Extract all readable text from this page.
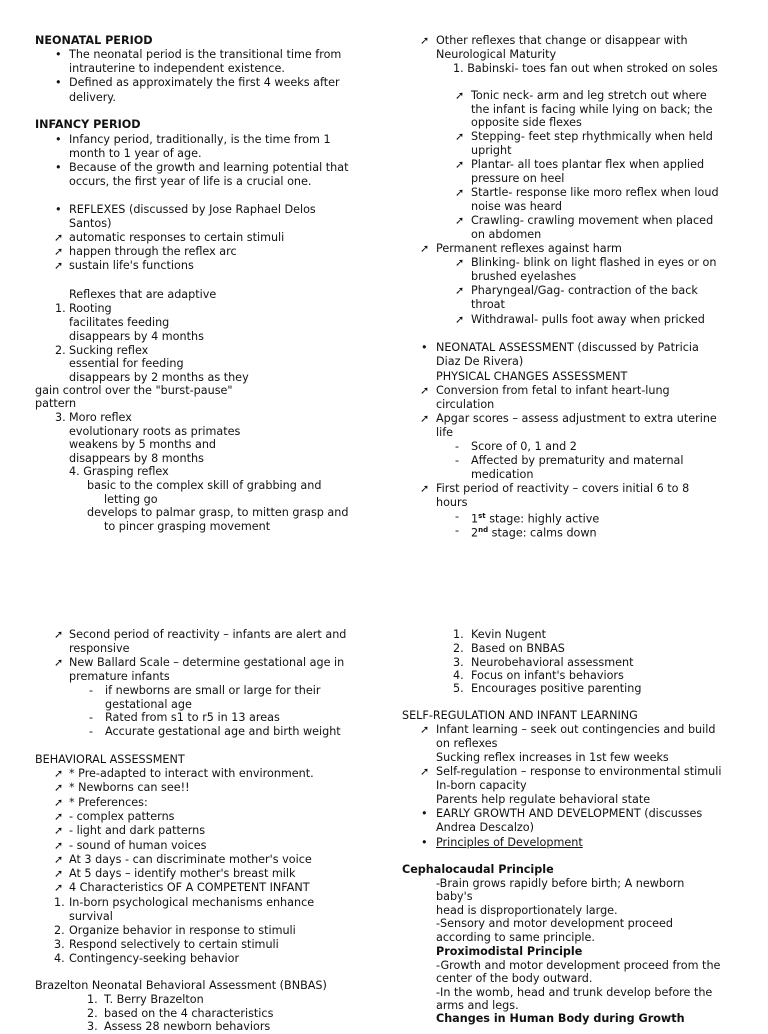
NEONATAL PERIOD
• The neonatal period is the transitional time from
intrauterine to independent existence.
• Defined as approximately the first 4 weeks after
delivery.
INFANCY PERIOD
• Infancy period, traditionally, is the time from 1
month to 1 year of age.
• Because of the growth and learning potential that
occurs, the first year of life is a crucial one.
• REFLEXES (discussed by Jose Raphael Delos
Santos)
➚ automatic responses to certain stimuli
➚ happen through the reflex arc
➚ sustain life's functions
Reflexes that are adaptive
1. Rooting
facilitates feeding
disappears by 4 months
2. Sucking reflex
essential for feeding
disappears by 2 months as they
gain control over the "burst-pause"
pattern
3. Moro reflex
evolutionary roots as primates
weakens by 5 months and
disappears by 8 months
4. Grasping reflex
basic to the complex skill of grabbing and
letting go
develops to palmar grasp, to mitten grasp and
to pincer grasping movement
➚ Other reflexes that change or disappear with
Neurological Maturity
1. Babinski- toes fan out when stroked on soles
➚ Tonic neck- arm and leg stretch out where
the infant is facing while lying on back; the
opposite side flexes
➚ Stepping- feet step rhythmically when held
upright
➚ Plantar- all toes plantar flex when applied
pressure on heel
➚ Startle- response like moro reflex when loud
noise was heard
➚ Crawling- crawling movement when placed
on abdomen
➚ Permanent reflexes against harm
➚ Blinking- blink on light flashed in eyes or on
brushed eyelashes
➚ Pharyngeal/Gag- contraction of the back
throat
➚ Withdrawal- pulls foot away when pricked
• NEONATAL ASSESSMENT (discussed by Patricia
Diaz De Rivera)
PHYSICAL CHANGES ASSESSMENT
➚ Conversion from fetal to infant heart-lung
circulation
➚ Apgar scores – assess adjustment to extra uterine
life
- Score of 0, 1 and 2
- Affected by prematurity and maternal
medication
➚ First period of reactivity – covers initial 6 to 8
hours
- 1st stage: highly active
- 2nd stage: calms down
➚ Second period of reactivity – infants are alert and
responsive
➚ New Ballard Scale – determine gestational age in
premature infants
- if newborns are small or large for their
gestational age
- Rated from s1 to r5 in 13 areas
- Accurate gestational age and birth weight
BEHAVIORAL ASSESSMENT
➚ * Pre-adapted to interact with environment.
➚ * Newborns can see!!
➚ * Preferences:
➚ - complex patterns
➚ - light and dark patterns
➚ - sound of human voices
➚ At 3 days - can discriminate mother's voice
➚ At 5 days – identify mother's breast milk
➚ 4 Characteristics OF A COMPETENT INFANT
1. In-born psychological mechanisms enhance
survival
2. Organize behavior in response to stimuli
3. Respond selectively to certain stimuli
4. Contingency-seeking behavior
Brazelton Neonatal Behavioral Assessment (BNBAS)
1. T. Berry Brazelton
2. based on the 4 characteristics
3. Assess 28 newborn behaviors
1. Kevin Nugent
2. Based on BNBAS
3. Neurobehavioral assessment
4. Focus on infant's behaviors
5. Encourages positive parenting
SELF-REGULATION AND INFANT LEARNING
➚ Infant learning – seek out contingencies and build
on reflexes
Sucking reflex increases in 1st few weeks
➚ Self-regulation – response to environmental stimuli
In-born capacity
Parents help regulate behavioral state
• EARLY GROWTH AND DEVELOPMENT (discusses
Andrea Descalzo)
• Principles of Development
Cephalocaudal Principle
-Brain grows rapidly before birth; A newborn
baby's
head is disproportionately large.
-Sensory and motor development proceed
according to same principle.
Proximodistal Principle
-Growth and motor development proceed from the
center of the body outward.
-In the womb, head and trunk develop before the
arms and legs.
Changes in Human Body during Growth
